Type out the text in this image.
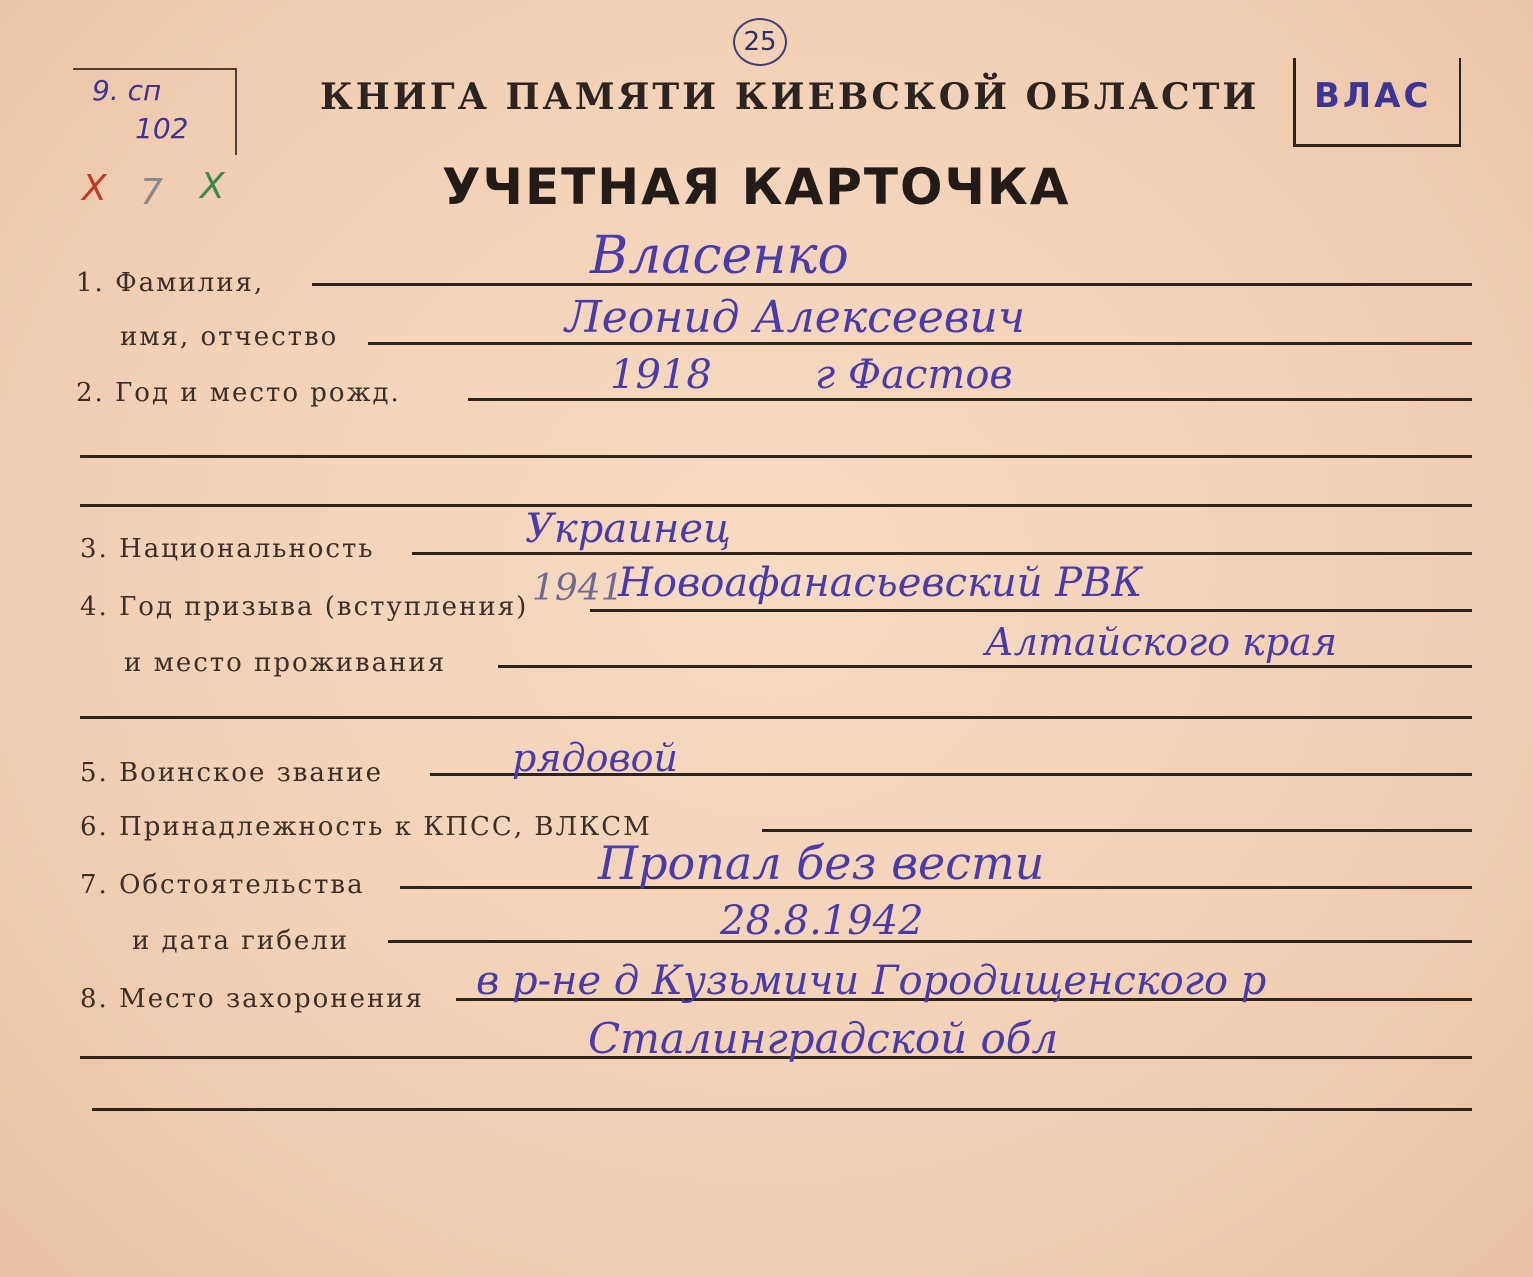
9. сп
102
Х 7 Х
25
КНИГА ПАМЯТИ КИЕВСКОЙ ОБЛАСТИ
УЧЕТНАЯ КАРТОЧКА
ВЛАС
1. Фамилия,	Власенко
имя, отчество	Леонид Алексеевич
2. Год и место рожд.	1918	г Фастов
3. Национальность	Украинец
4. Год призыва (вступления) 1941
Новоафанасьевский РВК
и место проживания	Алтайского края
5. Воинское звание	рядовой
6. Принадлежность к КПСС, ВЛКСМ
7. Обстоятельства	Пропал без вести
и дата гибели	28.8.1942
8. Место захоронения в р-не д Кузьмичи Городищенского р
Сталинградской обл
